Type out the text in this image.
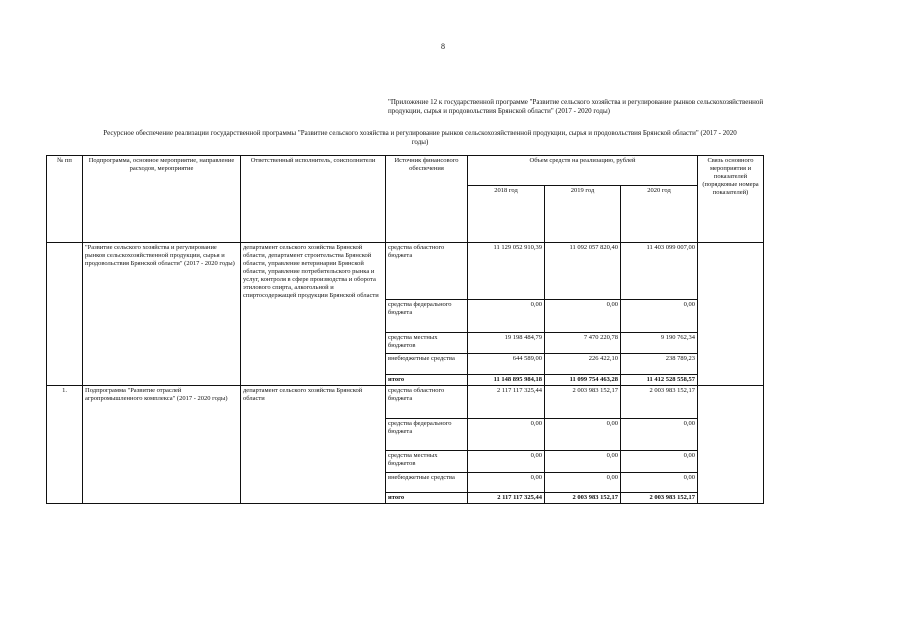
8
"Приложение 12 к государственной программе "Развитие сельского хозяйства и регулирование рынков сельскохозяйственной продукции, сырья и продовольствия Брянской области" (2017 - 2020 годы)
Ресурсное обеспечение реализации государственной программы "Развитие сельского хозяйства и регулирование рынков сельскохозяйственной продукции, сырья и продовольствия Брянской области" (2017 - 2020 годы)
№ пп	Подпрограмма, основное мероприятие, направление расходов, мероприятие	Ответственный исполнитель, соисполнители	Источник финансового обеспечения	Объем средств на реализацию, рублей			Связь основного мероприятия и показателей (порядковые номера показателей)
				2018 год	2019 год	2020 год	
	"Развитие сельского хозяйства и регулирование рынков сельскохозяйственной продукции, сырья и продовольствия Брянской области" (2017 - 2020 годы)	департамент сельского хозяйства Брянской области, департамент строительства Брянской области, управление ветеринарии Брянской области, управление потребительского рынка и услуг, контроля в сфере производства и оборота этилового спирта, алкогольной и спиртосодержащей продукции Брянской области	средства областного бюджета	11 129 052 910,39	11 092 057 820,40	11 403 099 007,00	
			средства федерального бюджета	0,00	0,00	0,00	
			средства местных бюджетов	19 198 484,79	7 470 220,78	9 190 762,34	
			внебюджетные средства	644 589,00	226 422,10	238 789,23	
			итого	11 148 895 984,18	11 099 754 463,28	11 412 528 558,57	
1.	Подпрограмма "Развитие отраслей агропромышленного комплекса" (2017 - 2020 годы)	департамент сельского хозяйства Брянской области	средства областного бюджета	2 117 117 325,44	2 003 983 152,17	2 003 983 152,17	
			средства федерального бюджета	0,00	0,00	0,00	
			средства местных бюджетов	0,00	0,00	0,00	
			внебюджетные средства	0,00	0,00	0,00	
			итого	2 117 117 325,44	2 003 983 152,17	2 003 983 152,17	
